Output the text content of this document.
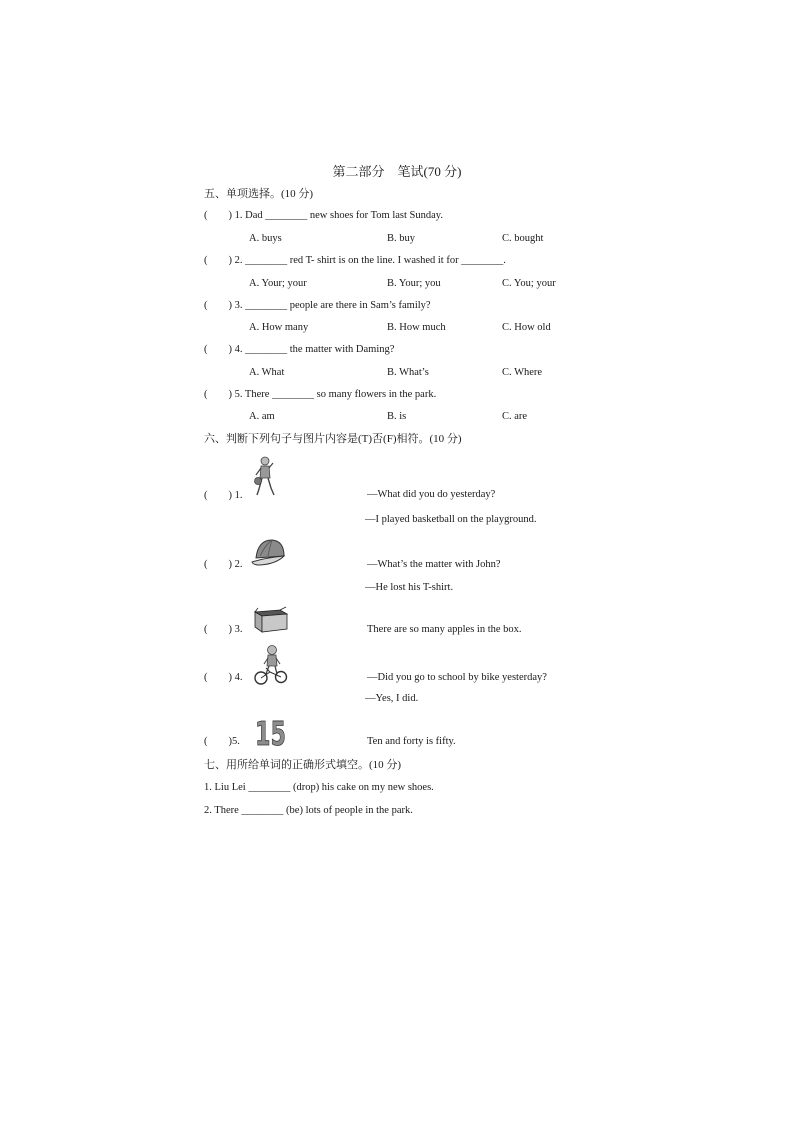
第二部分　笔试(70 分)
五、单项选择。(10 分)
(　　) 1. Dad ________ new shoes for Tom last Sunday.
A. buys	B. buy	C. bought
(　　) 2. ________ red T- shirt is on the line. I washed it for ________.
A. Your; your	B. Your; you	C. You; your
(　　) 3. ________ people are there in Sam’s family?
A. How many	B. How much	C. How old
(　　) 4. ________ the matter with Daming?
A. What	B. What’s	C. Where
(　　) 5. There ________ so many flowers in the park.
A. am	B. is	C. are
六、判断下列句子与图片内容是(T)否(F)相符。(10 分)
(　　) 1.	—What did you do yesterday?
—I played basketball on the playground.
(　　) 2.	—What’s the matter with John?
—He lost his T-shirt.
(　　) 3.	There are so many apples in the box.
(　　) 4.	—Did you go to school by bike yesterday?
—Yes, I did.
(　　)5. 15	Ten and forty is fifty.
七、用所给单词的正确形式填空。(10 分)
1. Liu Lei ________ (drop) his cake on my new shoes.
2. There ________ (be) lots of people in the park.
